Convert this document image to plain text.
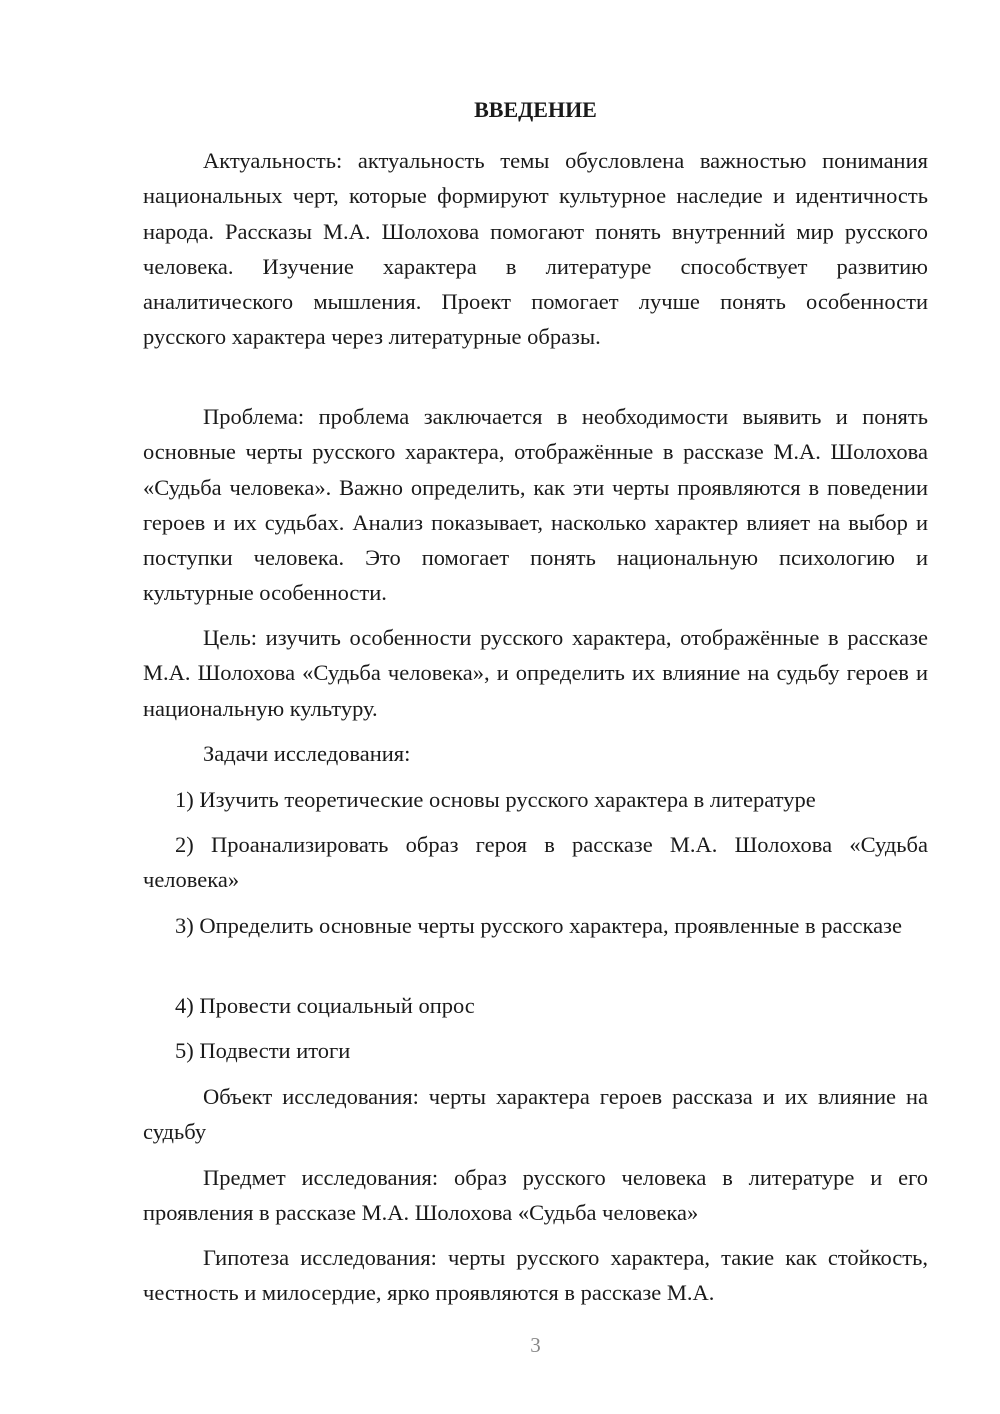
ВВЕДЕНИЕ

Актуальность: актуальность темы обусловлена важностью понимания национальных черт, которые формируют культурное наследие и идентичность народа. Рассказы М.А. Шолохова помогают понять внутренний мир русского человека. Изучение характера в литературе способствует развитию аналитического мышления. Проект помогает лучше понять особенности русского характера через литературные образы.

Проблема: проблема заключается в необходимости выявить и понять основные черты русского характера, отображённые в рассказе М.А. Шолохова «Судьба человека». Важно определить, как эти черты проявляются в поведении героев и их судьбах. Анализ показывает, насколько характер влияет на выбор и поступки человека. Это помогает понять национальную психологию и культурные особенности.

Цель: изучить особенности русского характера, отображённые в рассказе М.А. Шолохова «Судьба человека», и определить их влияние на судьбу героев и национальную культуру.

Задачи исследования:

1) Изучить теоретические основы русского характера в литературе

2) Проанализировать образ героя в рассказе М.А. Шолохова «Судьба человека»

3) Определить основные черты русского характера, проявленные в рассказе

4) Провести социальный опрос

5) Подвести итоги

Объект исследования: черты характера героев рассказа и их влияние на судьбу

Предмет исследования: образ русского человека в литературе и его проявления в рассказе М.А. Шолохова «Судьба человека»

Гипотеза исследования: черты русского характера, такие как стойкость, честность и милосердие, ярко проявляются в рассказе М.А.

3
